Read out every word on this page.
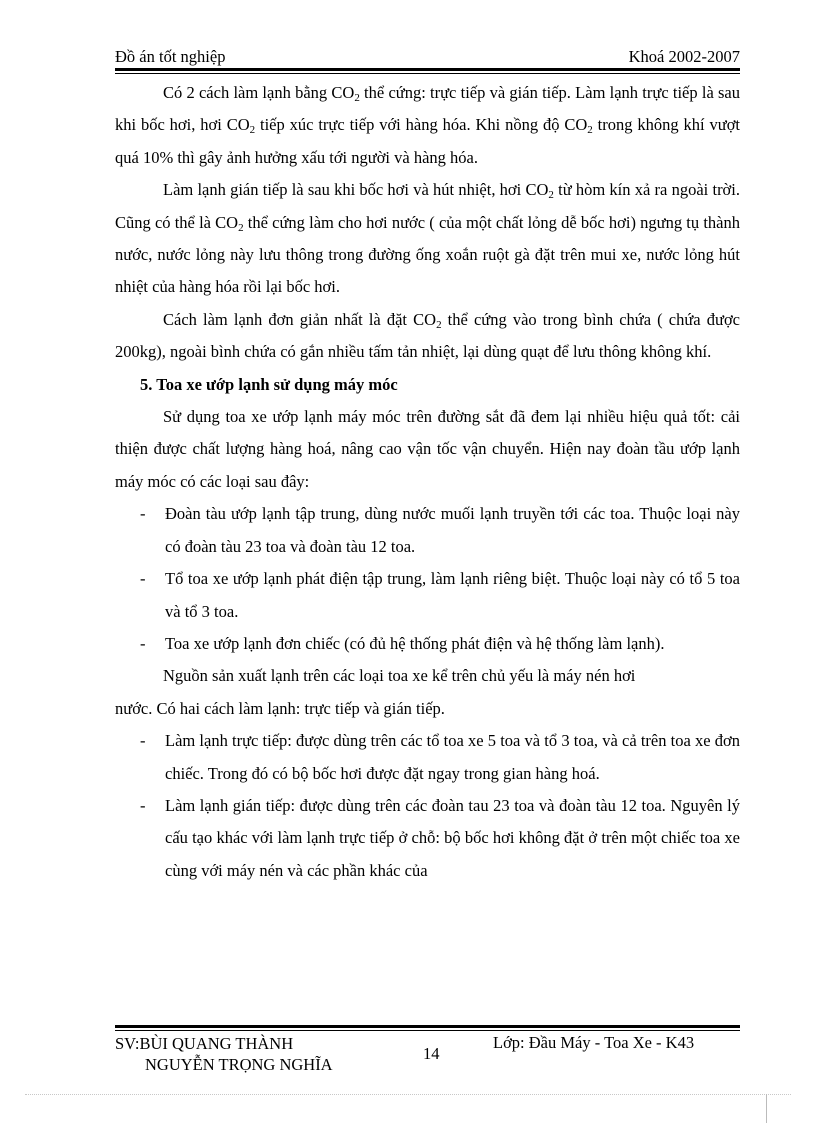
Đồ án tốt nghiệp	Khoá 2002-2007

Có 2 cách làm lạnh bằng $CO_2$ thể cứng: trực tiếp và gián tiếp. Làm lạnh trực tiếp là sau khi bốc hơi, hơi $CO_2$ tiếp xúc trực tiếp với hàng hóa. Khi nồng độ $CO_2$ trong không khí vượt quá 10% thì gây ảnh hưởng xấu tới người và hàng hóa.

Làm lạnh gián tiếp là sau khi bốc hơi và hút nhiệt, hơi $CO_2$ từ hòm kín xả ra ngoài trời. Cũng có thể là $CO_2$ thể cứng làm cho hơi nước ( của một chất lỏng dễ bốc hơi) ngưng tụ thành nước, nước lỏng này lưu thông trong đường ống xoắn ruột gà đặt trên mui xe, nước lỏng hút nhiệt của hàng hóa rồi lại bốc hơi.

Cách làm lạnh đơn giản nhất là đặt $CO_2$ thể cứng vào trong bình chứa ( chứa được 200kg), ngoài bình chứa có gắn nhiều tấm tản nhiệt, lại dùng quạt để lưu thông không khí.

5. Toa xe ướp lạnh sử dụng máy móc

Sử dụng toa xe ướp lạnh máy móc trên đường sắt đã đem lại nhiều hiệu quả tốt: cải thiện được chất lượng hàng hoá, nâng cao vận tốc vận chuyển. Hiện nay đoàn tầu ướp lạnh máy móc có các loại sau đây:

-	Đoàn tàu ướp lạnh tập trung, dùng nước muối lạnh truyền tới các toa. Thuộc loại này có đoàn tàu 23 toa và đoàn tàu 12 toa.
-	Tổ toa xe ướp lạnh phát điện tập trung, làm lạnh riêng biệt. Thuộc loại này có tổ 5 toa và tổ 3 toa.
-	Toa xe ướp lạnh đơn chiếc (có đủ hệ thống phát điện và hệ thống làm lạnh).

Nguồn sản xuất lạnh trên các loại toa xe kể trên chủ yếu là máy nén hơi

nước. Có hai cách làm lạnh: trực tiếp và gián tiếp.

-	Làm lạnh trực tiếp: được dùng trên các tổ toa xe 5 toa và tổ 3 toa, và cả trên toa xe đơn chiếc. Trong đó có bộ bốc hơi được đặt ngay trong gian hàng hoá.
-	Làm lạnh gián tiếp: được dùng trên các đoàn tau 23 toa và đoàn tàu 12 toa. Nguyên lý cấu tạo khác với làm lạnh trực tiếp ở chỗ: bộ bốc hơi không đặt ở trên một chiếc toa xe cùng với máy nén và các phần khác của
SV:BÙI QUANG THÀNH
NGUYỄN TRỌNG NGHĨA
14
Lớp: Đầu Máy - Toa Xe - K43
